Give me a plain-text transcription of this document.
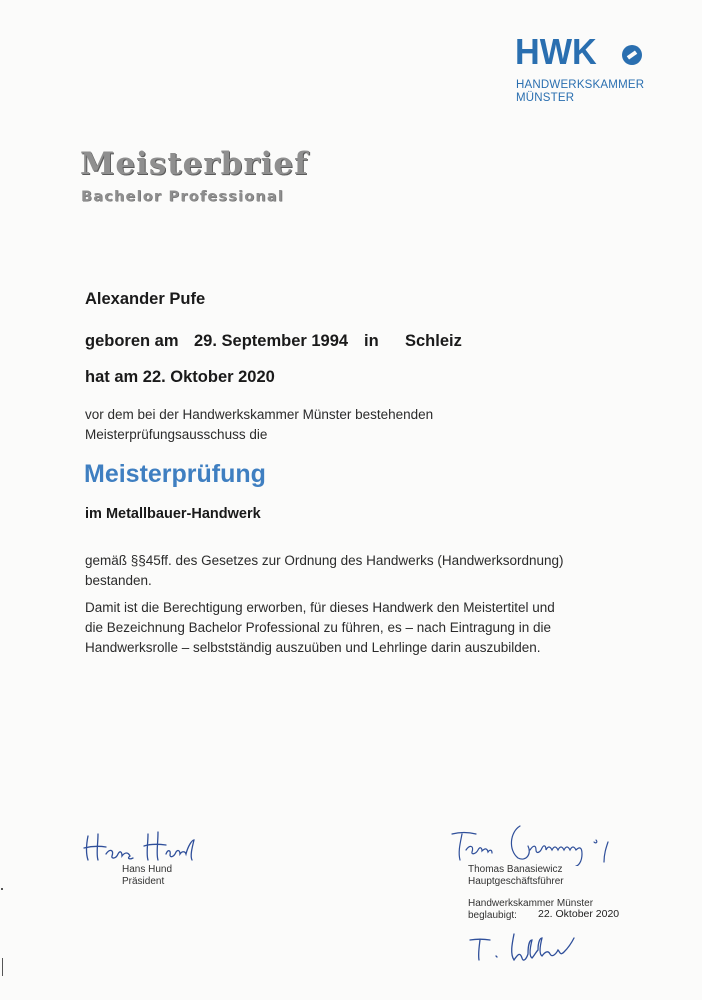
HWK
HANDWERKSKAMMER
MÜNSTER
Meisterbrief
Bachelor Professional
Alexander Pufe
geboren am 29. September 1994 in Schleiz
hat am 22. Oktober 2020
vor dem bei der Handwerkskammer Münster bestehenden
Meisterprüfungsausschuss die
Meisterprüfung
im Metallbauer-Handwerk
gemäß §§45ff. des Gesetzes zur Ordnung des Handwerks (Handwerksordnung)
bestanden.
Damit ist die Berechtigung erworben, für dieses Handwerk den Meistertitel und
die Bezeichnung Bachelor Professional zu führen, es – nach Eintragung in die
Handwerksrolle – selbstständig auszuüben und Lehrlinge darin auszubilden.
Hans Hund
Präsident
Thomas Banasiewicz
Hauptgeschäftsführer
Handwerkskammer Münster
beglaubigt: 22. Oktober 2020
